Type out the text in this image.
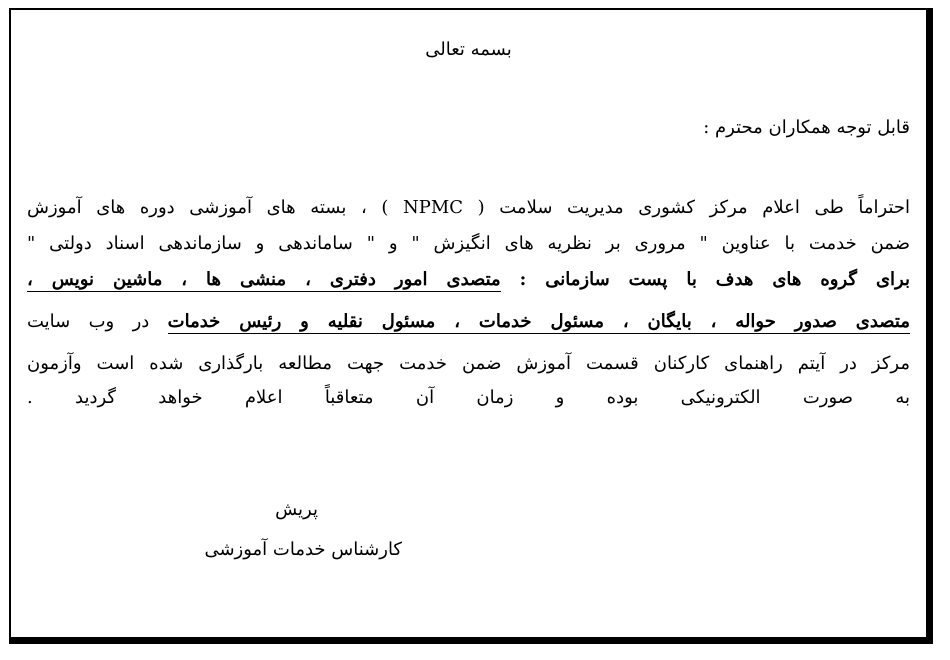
بسمه تعالی
قابل توجه همکاران محترم :
احتراماً طی اعلام مرکز کشوری مدیریت سلامت ( NPMC ) ، بسته های آموزشی دوره های آموزش
ضمن خدمت با عناوین " مروری بر نظریه های انگیزش " و " ساماندهی و سازماندهی اسناد دولتی "
برای گروه های هدف با پست سازمانی : متصدی امور دفتری ، منشی ها ، ماشین نویس ،
متصدی صدور حواله ، بایگان ، مسئول خدمات ، مسئول نقلیه و رئیس خدمات در وب سایت
مرکز در آیتم راهنمای کارکنان قسمت آموزش ضمن خدمت جهت مطالعه بارگذاری شده است وآزمون
به صورت الکترونیکی بوده و زمان آن متعاقباً اعلام خواهد گردید .
پریش
کارشناس خدمات آموزشی
